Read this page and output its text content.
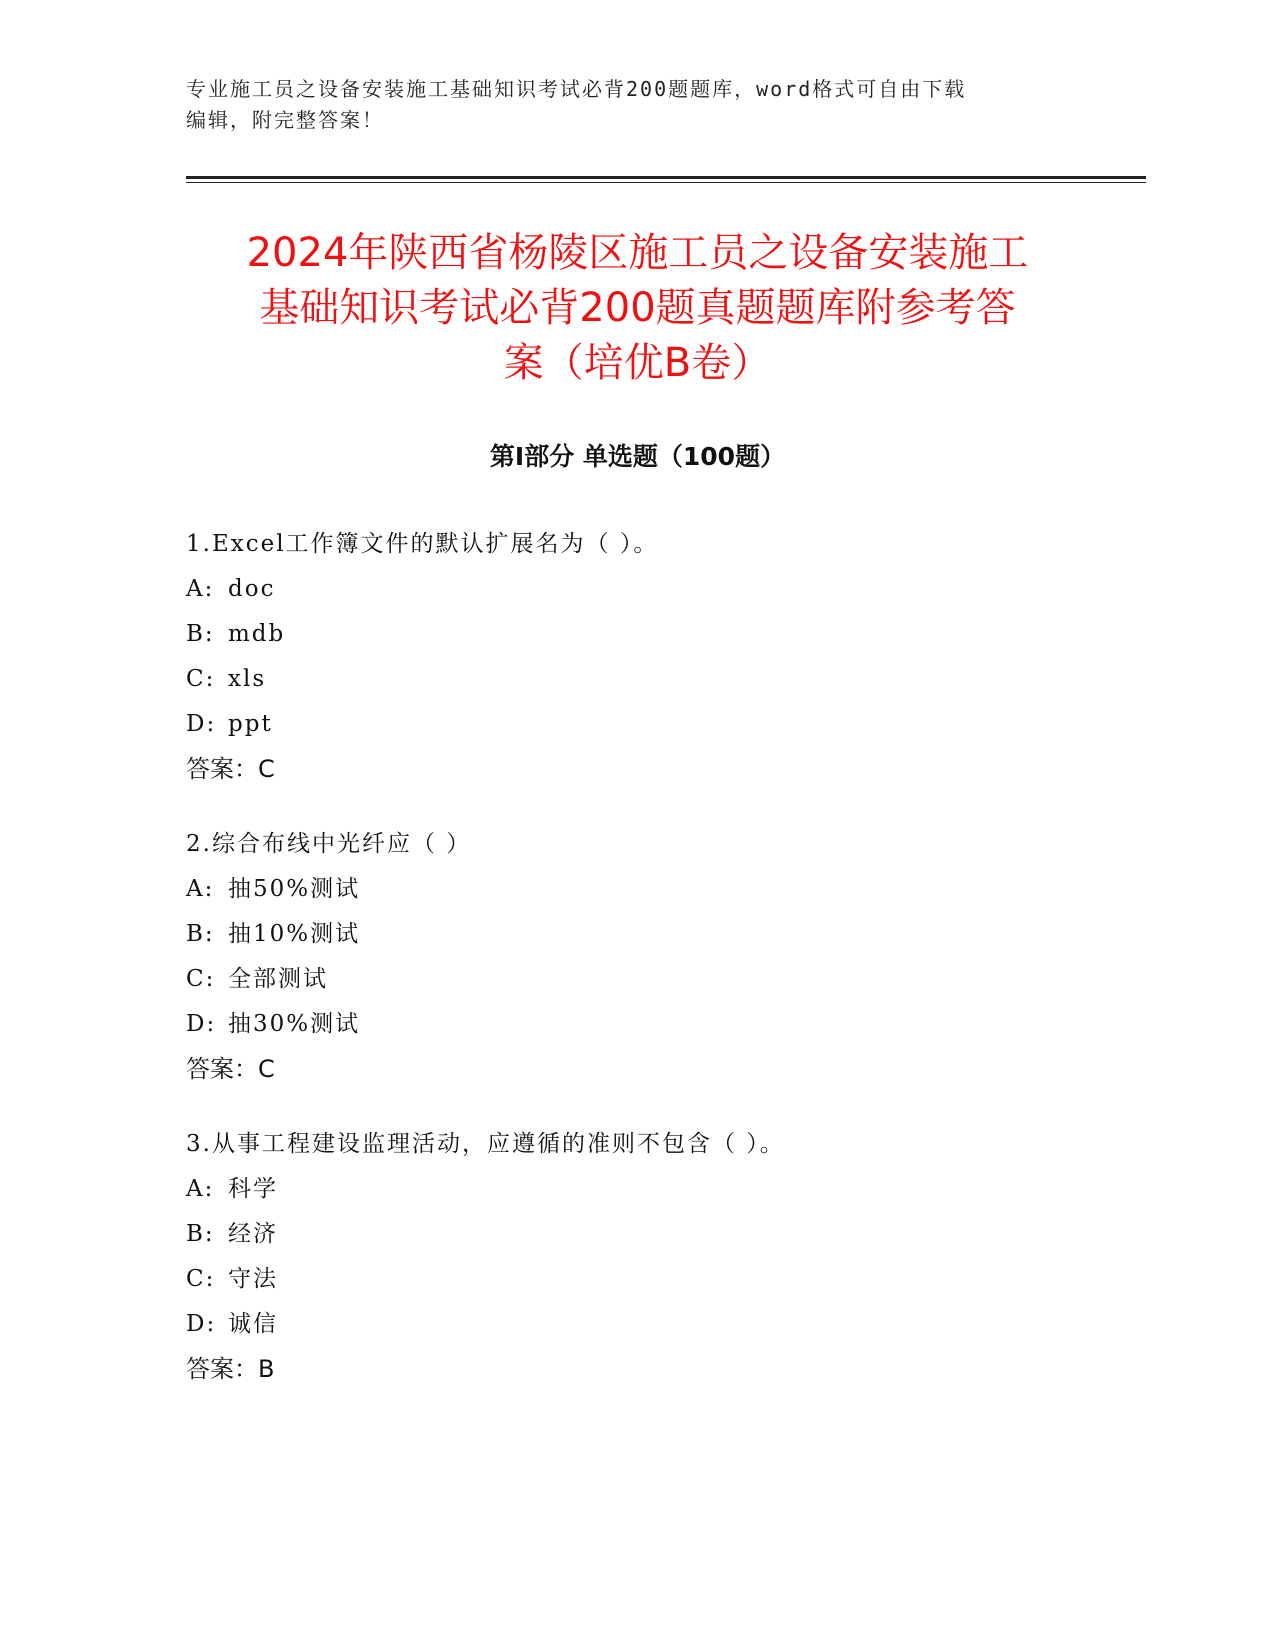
专业施工员之设备安装施工基础知识考试必背200题题库，word格式可自由下载
编辑，附完整答案！
2024年陕西省杨陵区施工员之设备安装施工
基础知识考试必背200题真题题库附参考答
案（培优B卷）
第Ⅰ部分 单选题（100题）
1.Excel工作簿文件的默认扩展名为（ ）。
A: doc
B: mdb
C: xls
D: ppt
答案：C
2.综合布线中光纤应（ ）
A: 抽50%测试
B: 抽10%测试
C: 全部测试
D: 抽30%测试
答案：C
3.从事工程建设监理活动，应遵循的准则不包含（ ）。
A: 科学
B: 经济
C: 守法
D: 诚信
答案：B
